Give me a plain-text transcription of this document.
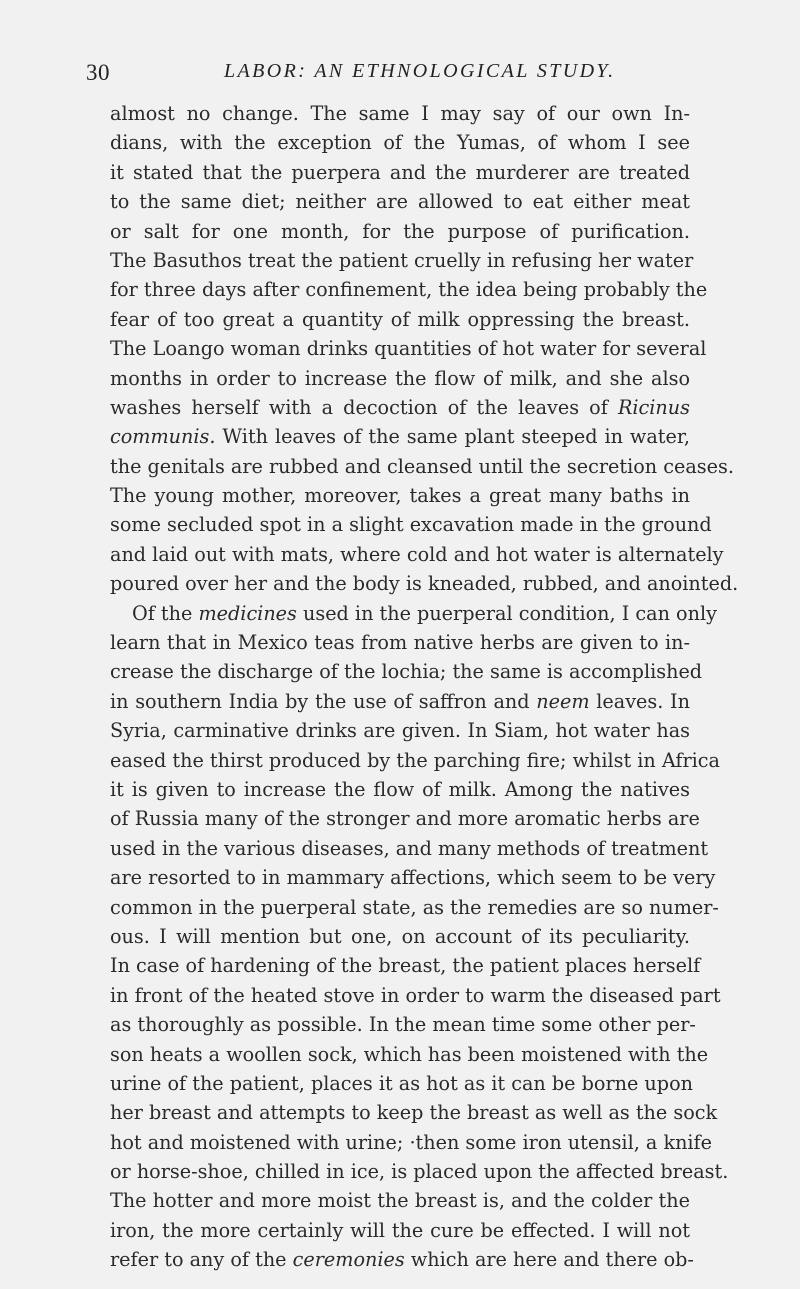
30	LABOR: AN ETHNOLOGICAL STUDY.
almost no change. The same I may say of our own In-
dians, with the exception of the Yumas, of whom I see
it stated that the puerpera and the murderer are treated
to the same diet; neither are allowed to eat either meat
or salt for one month, for the purpose of purification.
The Basuthos treat the patient cruelly in refusing her water
for three days after confinement, the idea being probably the
fear of too great a quantity of milk oppressing the breast.
The Loango woman drinks quantities of hot water for several
months in order to increase the flow of milk, and she also
washes herself with a decoction of the leaves of Ricinus
communis. With leaves of the same plant steeped in water,
the genitals are rubbed and cleansed until the secretion ceases.
The young mother, moreover, takes a great many baths in
some secluded spot in a slight excavation made in the ground
and laid out with mats, where cold and hot water is alternately
poured over her and the body is kneaded, rubbed, and anointed.
Of the medicines used in the puerperal condition, I can only
learn that in Mexico teas from native herbs are given to in-
crease the discharge of the lochia; the same is accomplished
in southern India by the use of saffron and neem leaves. In
Syria, carminative drinks are given. In Siam, hot water has
eased the thirst produced by the parching fire; whilst in Africa
it is given to increase the flow of milk. Among the natives
of Russia many of the stronger and more aromatic herbs are
used in the various diseases, and many methods of treatment
are resorted to in mammary affections, which seem to be very
common in the puerperal state, as the remedies are so numer-
ous. I will mention but one, on account of its peculiarity.
In case of hardening of the breast, the patient places herself
in front of the heated stove in order to warm the diseased part
as thoroughly as possible. In the mean time some other per-
son heats a woollen sock, which has been moistened with the
urine of the patient, places it as hot as it can be borne upon
her breast and attempts to keep the breast as well as the sock
hot and moistened with urine; ·then some iron utensil, a knife
or horse-shoe, chilled in ice, is placed upon the affected breast.
The hotter and more moist the breast is, and the colder the
iron, the more certainly will the cure be effected. I will not
refer to any of the ceremonies which are here and there ob-
